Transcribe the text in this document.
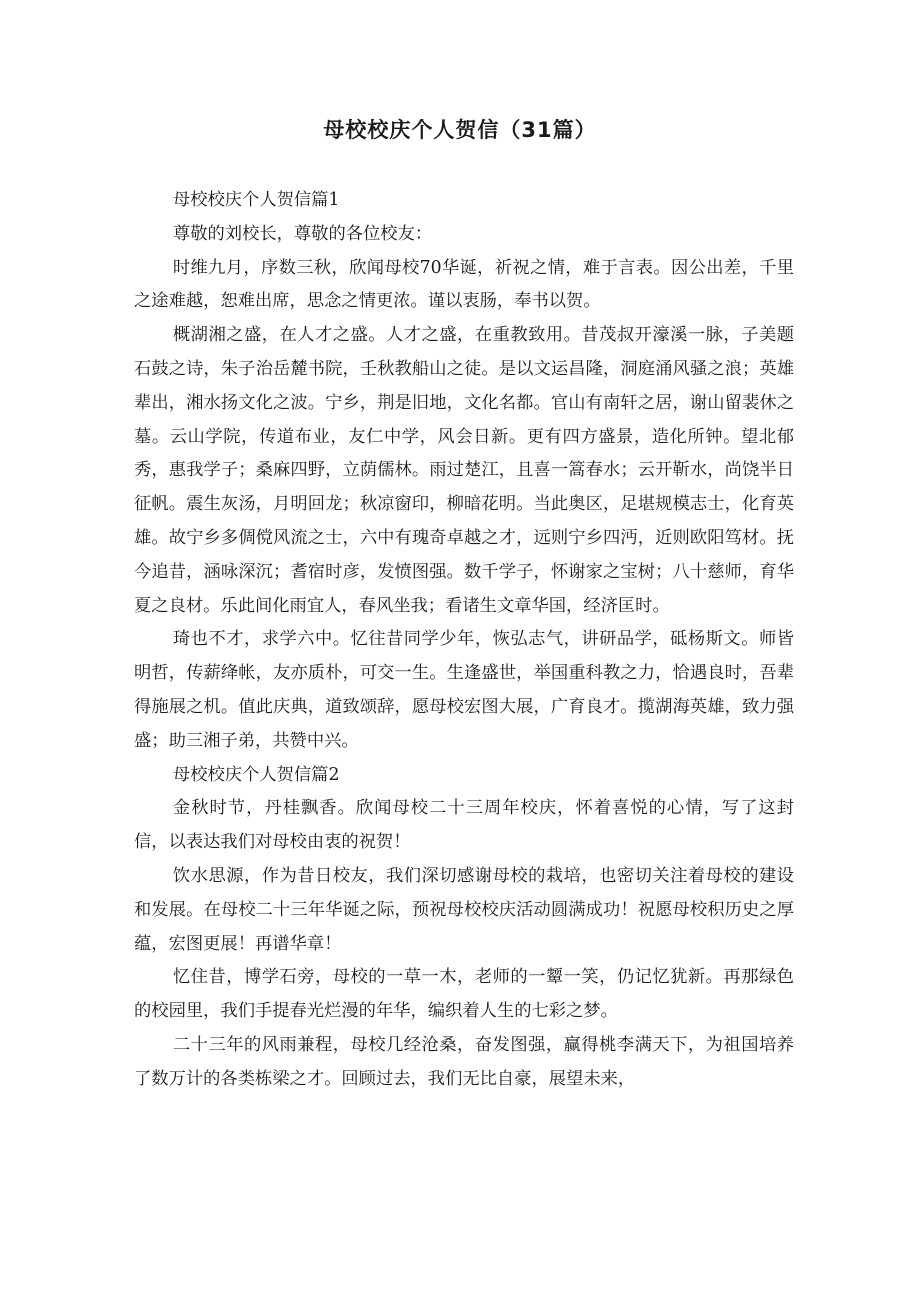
母校校庆个人贺信（31篇）

母校校庆个人贺信篇1

尊敬的刘校长，尊敬的各位校友：

时维九月，序数三秋，欣闻母校70华诞，祈祝之情，难于言表。因公出差，千里之途难越，恕难出席，思念之情更浓。谨以衷肠，奉书以贺。

概湖湘之盛，在人才之盛。人才之盛，在重教致用。昔茂叔开濠溪一脉，子美题石鼓之诗，朱子治岳麓书院，壬秋教船山之徒。是以文运昌隆，洞庭涌风骚之浪；英雄辈出，湘水扬文化之波。宁乡，荆是旧地，文化名都。官山有南轩之居，谢山留裴休之墓。云山学院，传道布业，友仁中学，风会日新。更有四方盛景，造化所钟。望北郁秀，惠我学子；桑麻四野，立荫儒林。雨过楚江，且喜一篙春水；云开靳水，尚饶半日征帆。震生灰汤，月明回龙；秋凉窗印，柳暗花明。当此奥区，足堪规模志士，化育英雄。故宁乡多倜傥风流之士，六中有瑰奇卓越之才，远则宁乡四沔，近则欧阳笃材。抚今追昔，涵咏深沉；耆宿时彦，发愤图强。数千学子，怀谢家之宝树；八十慈师，育华夏之良材。乐此间化雨宜人，春风坐我；看诸生文章华国，经济匡时。

琦也不才，求学六中。忆往昔同学少年，恢弘志气，讲研品学，砥杨斯文。师皆明哲，传薪绛帐，友亦质朴，可交一生。生逢盛世，举国重科教之力，恰遇良时，吾辈得施展之机。值此庆典，道致颂辞，愿母校宏图大展，广育良才。揽湖海英雄，致力强盛；助三湘子弟，共赞中兴。

母校校庆个人贺信篇2

金秋时节，丹桂飘香。欣闻母校二十三周年校庆，怀着喜悦的心情，写了这封信，以表达我们对母校由衷的祝贺！

饮水思源，作为昔日校友，我们深切感谢母校的栽培，也密切关注着母校的建设和发展。在母校二十三年华诞之际，预祝母校校庆活动圆满成功！祝愿母校积历史之厚蕴，宏图更展！再谱华章！

忆住昔，博学石旁，母校的一草一木，老师的一颦一笑，仍记忆犹新。再那绿色的校园里，我们手提春光烂漫的年华，编织着人生的七彩之梦。

二十三年的风雨兼程，母校几经沧桑，奋发图强，赢得桃李满天下，为祖国培养了数万计的各类栋梁之才。回顾过去，我们无比自豪，展望未来，
